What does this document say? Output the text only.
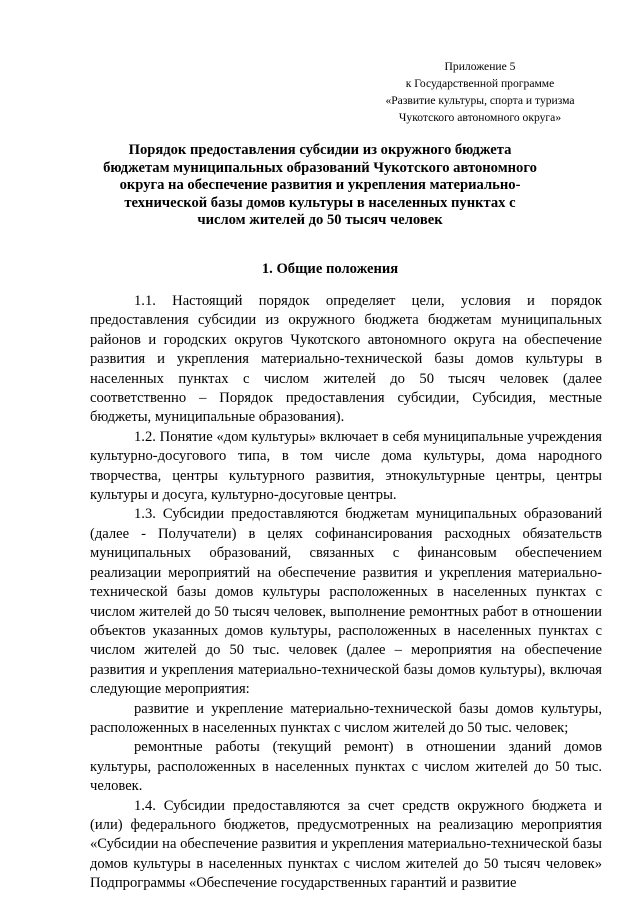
Приложение 5
к Государственной программе
«Развитие культуры, спорта и туризма
Чукотского автономного округа»
Порядок предоставления субсидии из окружного бюджета бюджетам муниципальных образований Чукотского автономного округа на обеспечение развития и укрепления материально-технической базы домов культуры в населенных пунктах с числом жителей до 50 тысяч человек
1. Общие положения

1.1. Настоящий порядок определяет цели, условия и порядок предоставления субсидии из окружного бюджета бюджетам муниципальных районов и городских округов Чукотского автономного округа на обеспечение развития и укрепления материально-технической базы домов культуры в населенных пунктах с числом жителей до 50 тысяч человек (далее соответственно – Порядок предоставления субсидии, Субсидия, местные бюджеты, муниципальные образования).

1.2. Понятие «дом культуры» включает в себя муниципальные учреждения культурно-досугового типа, в том числе дома культуры, дома народного творчества, центры культурного развития, этнокультурные центры, центры культуры и досуга, культурно-досуговые центры.

1.3. Субсидии предоставляются бюджетам муниципальных образований (далее - Получатели) в целях софинансирования расходных обязательств муниципальных образований, связанных с финансовым обеспечением реализации мероприятий на обеспечение развития и укрепления материально-технической базы домов культуры расположенных в населенных пунктах с числом жителей до 50 тысяч человек, выполнение ремонтных работ в отношении объектов указанных домов культуры, расположенных в населенных пунктах с числом жителей до 50 тыс. человек (далее – мероприятия на обеспечение развития и укрепления материально-технической базы домов культуры), включая следующие мероприятия:

развитие и укрепление материально-технической базы домов культуры, расположенных в населенных пунктах с числом жителей до 50 тыс. человек;

ремонтные работы (текущий ремонт) в отношении зданий домов культуры, расположенных в населенных пунктах с числом жителей до 50 тыс. человек.

1.4. Субсидии предоставляются за счет средств окружного бюджета и (или) федерального бюджетов, предусмотренных на реализацию мероприятия «Субсидии на обеспечение развития и укрепления материально-технической базы домов культуры в населенных пунктах с числом жителей до 50 тысяч человек» Подпрограммы «Обеспечение государственных гарантий и развитие
